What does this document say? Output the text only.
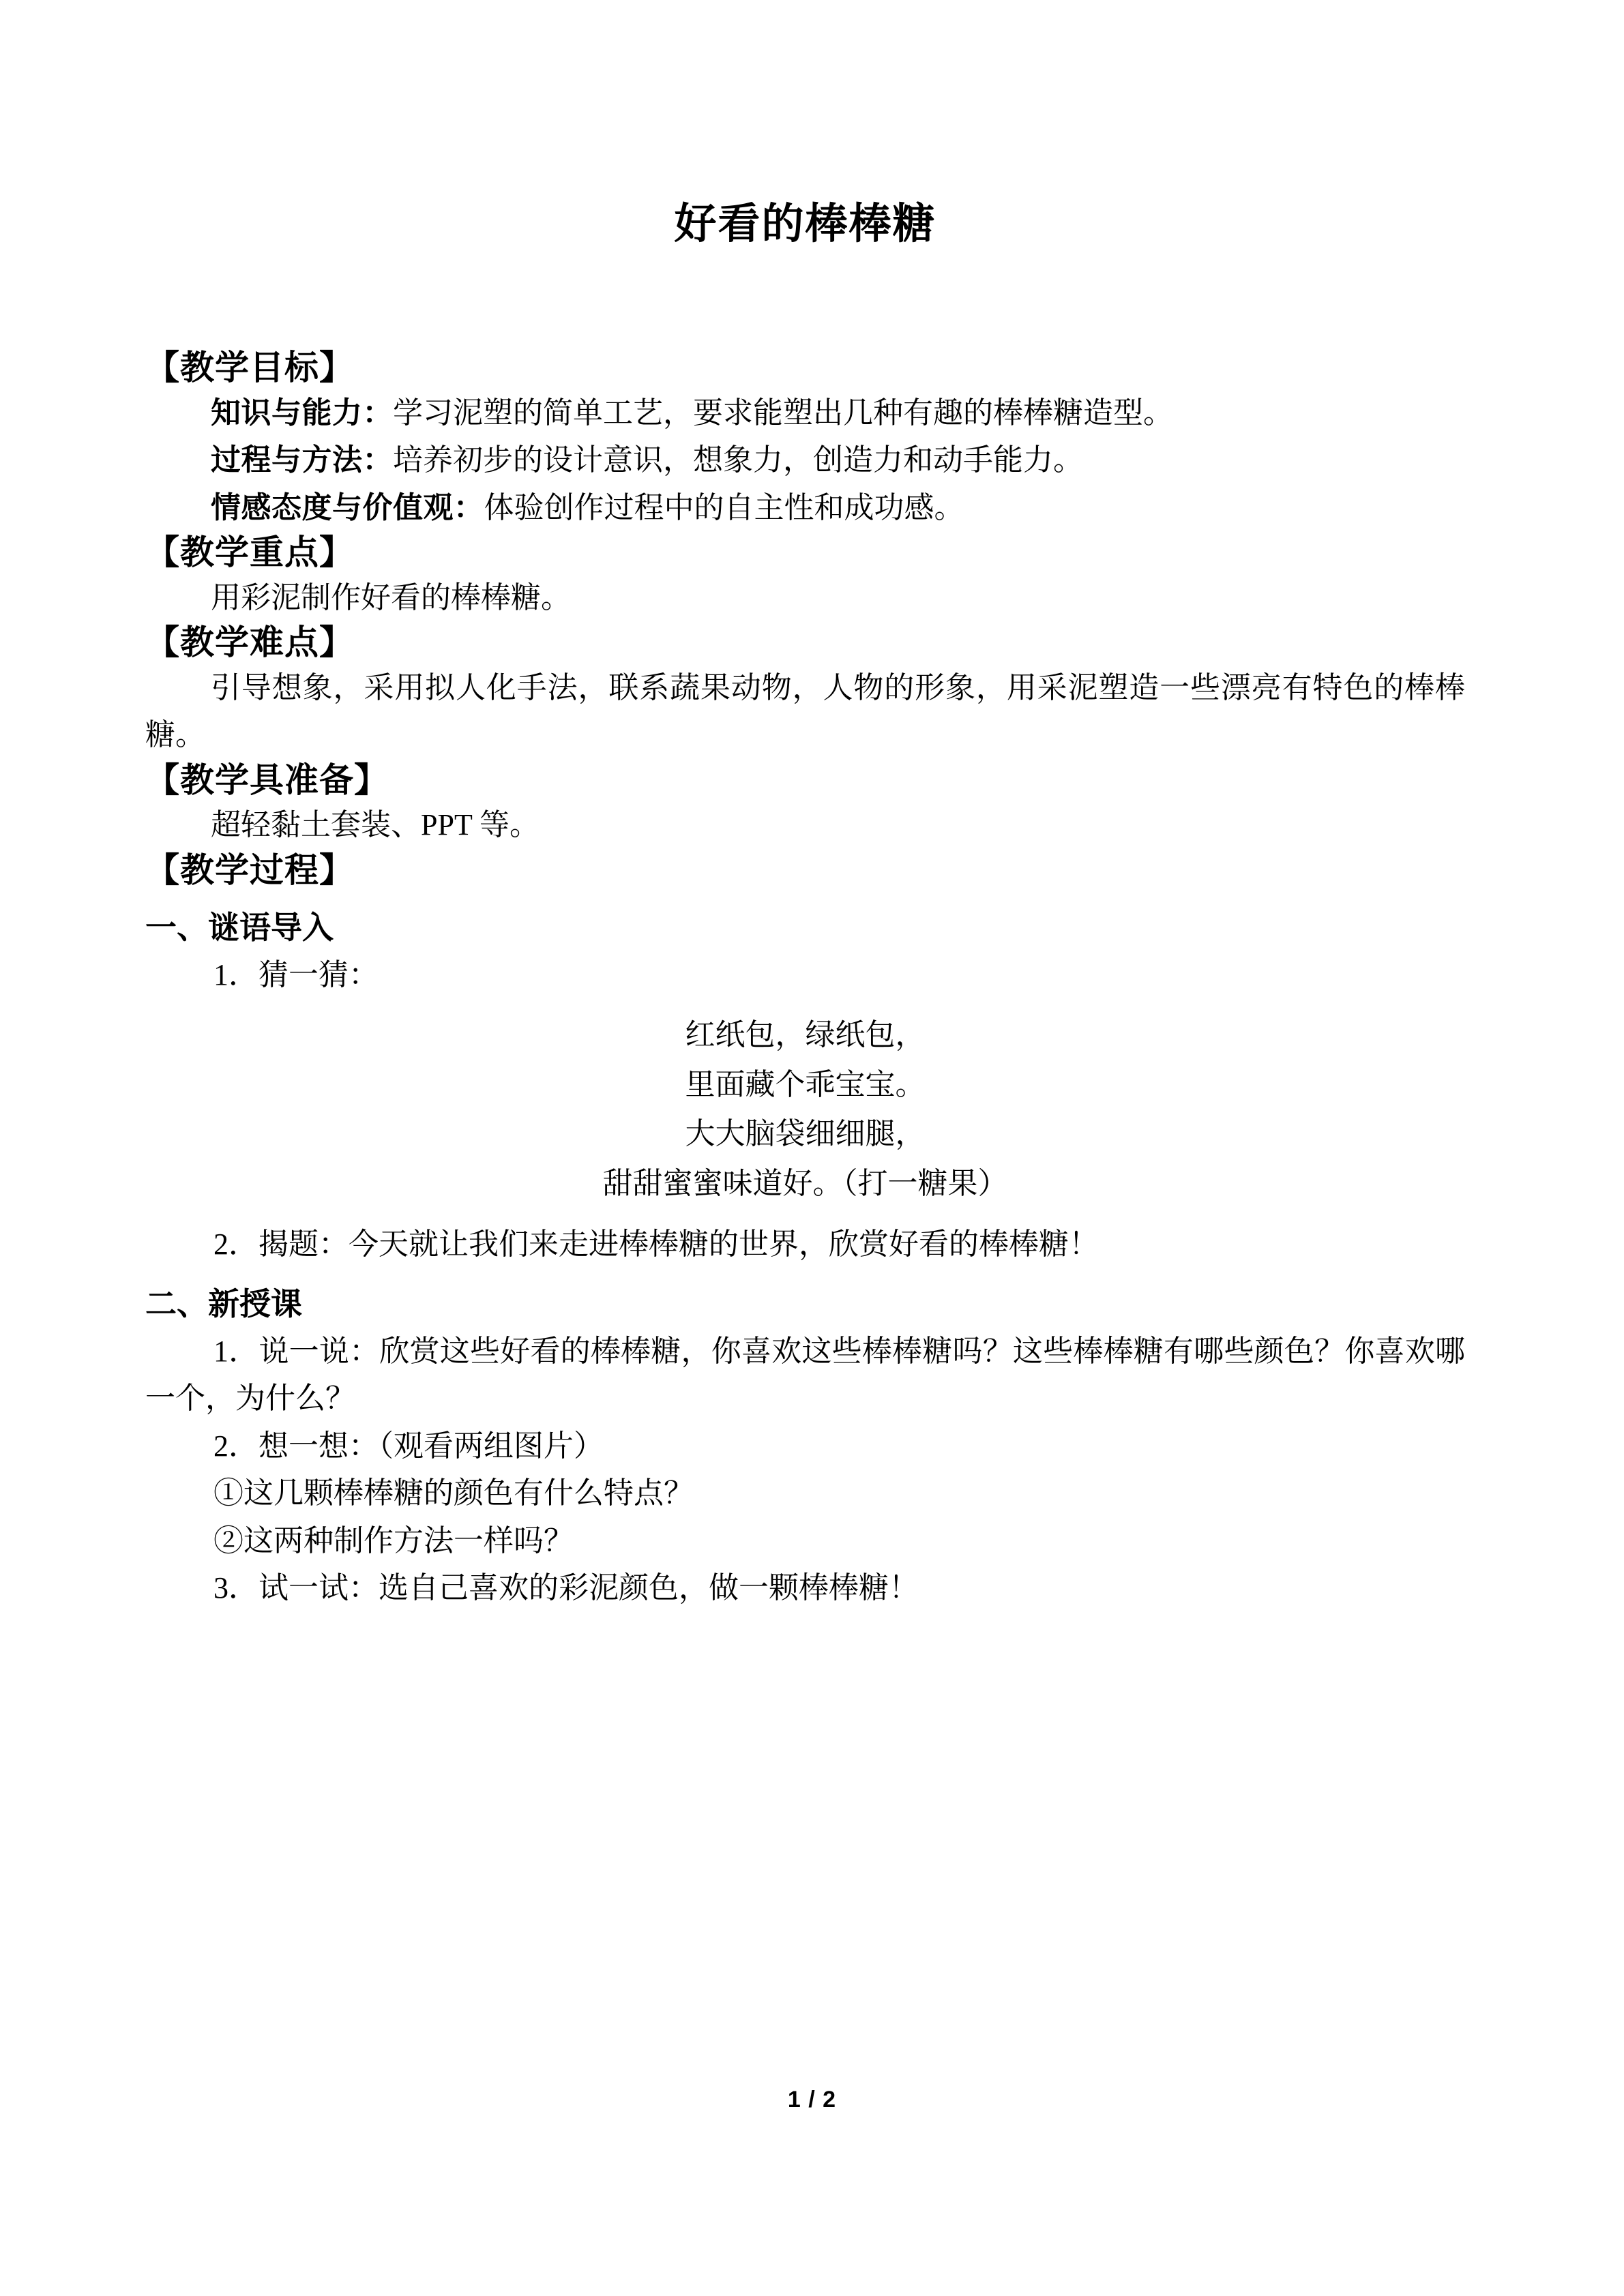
好看的棒棒糖
【教学目标】

知识与能力：学习泥塑的简单工艺，要求能塑出几种有趣的棒棒糖造型。

过程与方法：培养初步的设计意识，想象力，创造力和动手能力。

情感态度与价值观：体验创作过程中的自主性和成功感。

【教学重点】

用彩泥制作好看的棒棒糖。

【教学难点】

引导想象，采用拟人化手法，联系蔬果动物，人物的形象，用采泥塑造一些漂亮有特色的棒棒糖。

【教学具准备】

超轻黏土套装、PPT 等。

【教学过程】
一、谜语导入

1．猜一猜：

红纸包，绿纸包，

里面藏个乖宝宝。

大大脑袋细细腿，

甜甜蜜蜜味道好。（打一糖果）

2．揭题：今天就让我们来走进棒棒糖的世界，欣赏好看的棒棒糖！

二、新授课

1．说一说：欣赏这些好看的棒棒糖，你喜欢这些棒棒糖吗？这些棒棒糖有哪些颜色？你喜欢哪一个，为什么？

2．想一想：（观看两组图片）

①这几颗棒棒糖的颜色有什么特点？

②这两种制作方法一样吗？

3．试一试：选自己喜欢的彩泥颜色，做一颗棒棒糖！

1 / 2
